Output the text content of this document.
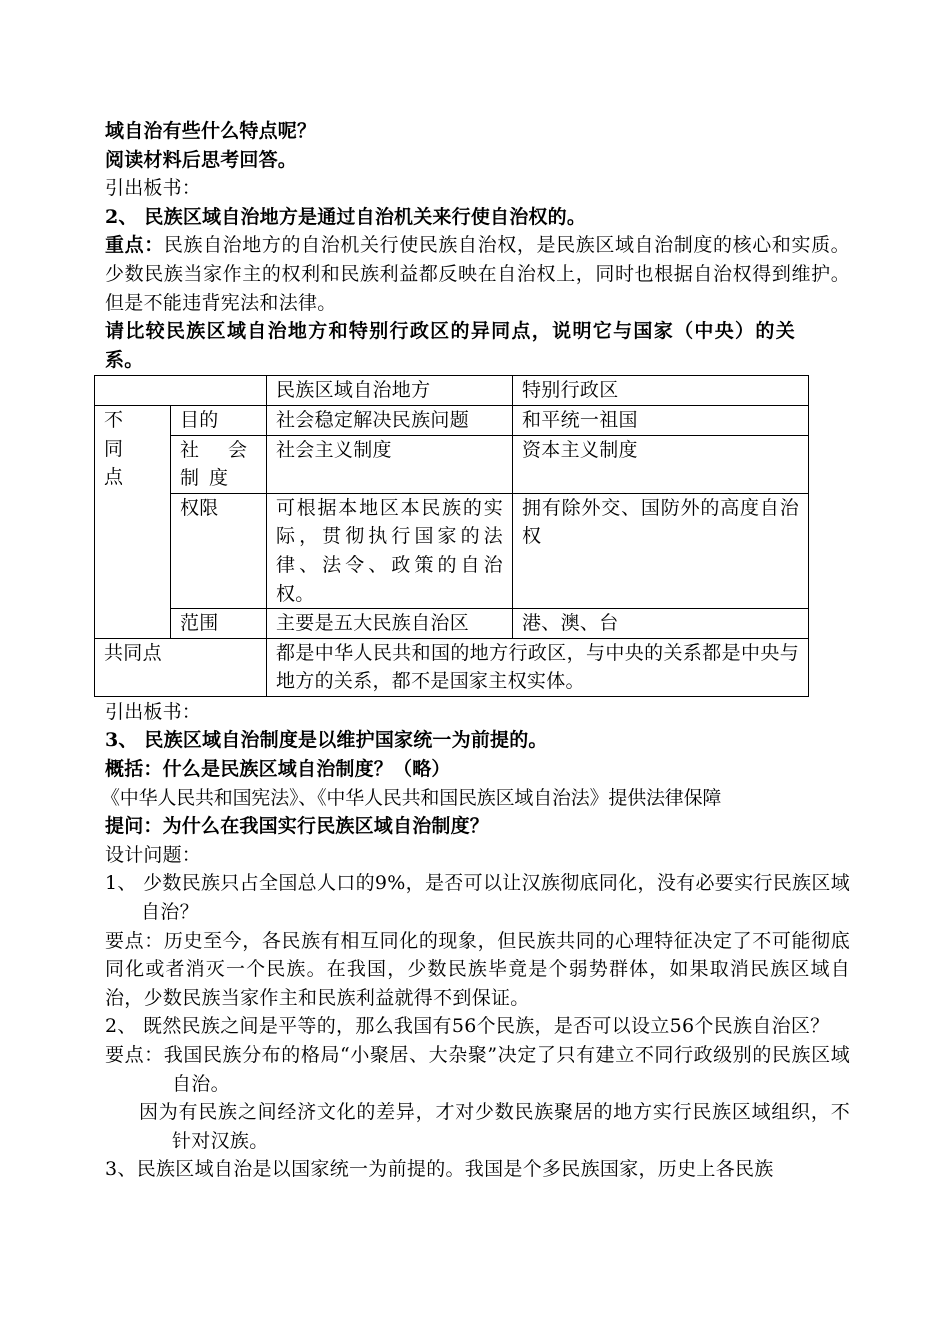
域自治有些什么特点呢？
阅读材料后思考回答。
引出板书：
2、 民族区域自治地方是通过自治机关来行使自治权的。
重点：民族自治地方的自治机关行使民族自治权，是民族区域自治制度的核心和实质。少数民族当家作主的权利和民族利益都反映在自治权上，同时也根据自治权得到维护。但是不能违背宪法和法律。
请比较民族区域自治地方和特别行政区的异同点，说明它与国家（中央）的关系。
		民族区域自治地方	特别行政区
不同点	目的	社会稳定解决民族问题	和平统一祖国
	社会制度	社会主义制度	资本主义制度
	权限	可根据本地区本民族的实际，贯彻执行国家的法律、法令、政策的自治权。	拥有除外交、国防外的高度自治权
	范围	主要是五大民族自治区	港、澳、台
共同点		都是中华人民共和国的地方行政区，与中央的关系都是中央与地方的关系，都不是国家主权实体。	
引出板书：
3、 民族区域自治制度是以维护国家统一为前提的。
概括：什么是民族区域自治制度？（略）
《中华人民共和国宪法》、《中华人民共和国民族区域自治法》提供法律保障
提问：为什么在我国实行民族区域自治制度？
设计问题：
1、 少数民族只占全国总人口的9%，是否可以让汉族彻底同化，没有必要实行民族区域自治？
要点：历史至今，各民族有相互同化的现象，但民族共同的心理特征决定了不可能彻底同化或者消灭一个民族。在我国，少数民族毕竟是个弱势群体，如果取消民族区域自治，少数民族当家作主和民族利益就得不到保证。
2、 既然民族之间是平等的，那么我国有56个民族，是否可以设立56个民族自治区？
要点：我国民族分布的格局“小聚居、大杂聚”决定了只有建立不同行政级别的民族区域自治。
因为有民族之间经济文化的差异，才对少数民族聚居的地方实行民族区域组织，不针对汉族。
3、民族区域自治是以国家统一为前提的。我国是个多民族国家，历史上各民族
